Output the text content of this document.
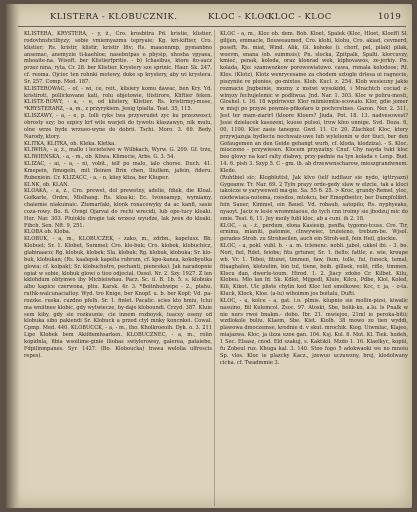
KLISTERA - KLOBUCZNIK.	KLOC - KLOC.
KLOC - KLOC	1019

KLISTERA, KRYSTERA, - y, ż., Cro. krosbitra Pd. kristie, klistier, rodovhnshcilbyzy; sobie vmiemyazmu tepryaie; Kg. kri-kiftier, Cro. klistier; Rs. kristir, klistir, kristir Ifiv; Rs. maaonnmp, pymanbno ansemac, anemyzie ti-kaehloe; nasebntpas o pbysip, xhosha vpyaea, mhoaite-na. Wisoft. ber Klistierfpritie. - b) Ichasibus, ktore ito-sacz przez nina, ryta, Cr. 28. ber Klistier. Krystery sze sprinic. Haur. Sk. 247. cf. reoma. Ojciec ten rohnki motowy, doke sp krystery, aby wi krystera. Sr. 257. Comp. Med. 187.

KLISTEROWAC, - of, - wi, ce, reit., klisiery komu dawac, ben Kry. Yd. kristiroti, pollickovane kati, rolu objetowie, tlistirore, Kliftier feken. KLISTE-ROWY, - a, - e, od klistery, Klistier. Rs. kristirmyj-muse, *KRYSTERARZ, - a, m., z przyrykiem. Jenig tpialta. Teat. 35, 115.

KLISZAWY, - a, - e, p. Iolli ryks twa przywrudet zyc ku przezwosci; obrosty szy; bo szpicy krf wile warjeli do tywotu klaszawyn, nik mulu, olne wrze byde wrzueo-wyne do dobrii. Tschi. Moro. 3. 69. Bedy. Narody, ktory.

KLITKA, KLITKA, ob. Kleka. Kletka.

KLIWHA, - a, ż., mallo i lecieteiwe w Wilbkach, Wyrw. G. 209. Gf. trze, KLIWIENSKA, - a, - m., ob. Kliwa. Klimecie, Arbs. G. 3. 54.

KLIZAC, - ai, - a, - ni, vobit., ielf po malo, ialo chorse. Duch. 41. Kmepein, fimogeln, mit fleinen Brin chen, lliutlem, jafein, fideru. Rubeniein. Cr. KLIZACC, - a, - n, kiiey kliza, ber Kliuper.

KLNK, ob. KLAN.

KLOAKA, - a, ż., Cro. prewet, dol prewetny, adelie, fdiek, die Kloal. Gofkarle, Ordre, Mislhang. Rs. kloa-ki; Ec. tvonoamyp, wymiamy, chaiemie niakuinaic. Ztomarfaki, klonk ronacowyky da ac kanfi, sasie coza-rowy. Bo. fi. Ovngi Ojarvai do rechi wrecidi, lub ope-tucy kloaki. Hur. Nar. 303. Pluiokle drogie tak wrzesz wyudze, lak jwen do kloaki. Fibch. Sen. Nft. 9, 251.

KLOBA ob. Kloba.

KLOBUK, - a, m., KLOBUCZEK, - zako, m., zdrbn., kapelusz. Bb. Klobuel; Sr. 1. Klobut, Summel; Cro. klo-buk; Cro. klobok, klobuchicz, glabinaaco; Rg. klobuk, klobek; Sla. klobuk; Rg. klobuk, klobuka; Sr. klo-buk, klobukan; (Rs. kaalepsk kapelia rubrum, cf. kpo-kanea, kokobyutka glowa; cf. kolpak); Sr. klobuchutre, pechanti, pienceka). Jak naradopnie opiat w sobie, klobuk glowi o tioo odjecial. Ossol. Nr. 2. Szy. 1927. Z len kklohdum obtyinwo iby Micbieiwhau. Pacz. Sc. il. B. 1b. 5. s. klobuks albo kapice czerwona, ptiu. Karsk. 4r. 3. *Boitnhuhwipe - 2., ptahu. ruthk-walcunacialtoy. Wyd. tro Knige, ber Knopf. u. b. ber Kopf; Vd. pa-rozzke. ruska. cuzdno pfelh. Sr. 1. finlet. Pacalic. scies kto hmiu, Iclui ma wniitnee klobic, gdy wytwiecze, by-daje kloboundi. Crzyd. 387. Kluie sem kiby, gdy sie rozkuunie, cie innem rozboysk, iuacey oseny od klobuka sibo pakiendi Sr. Klobuck a przed ctyl mnky koncnkei. Cowal. Cpmp. Med. 440. KLOBUCCK, - a, - m., tho. Kholkroeoih. Dyk. o. 3. 211 Lipe Klobek bem Akifdemhsarken. KLOBUCZNEC, - a, m., rolin kopidnla, fibia wsoilime-ginie lliobas swiylerowey, galerea, pataiebe, Fdpilinmpanes. Syr. 1427. (Bo. Kloboucka) trawa welolia ulfrescis repes).

KLOC - a, m., Kloc ob. dem. Bob. Kloet, Spalek (Kloc, Hloet, Kloeff) Sl. gilijen, emmacle, Bouweaumed, Cro. klohi, klohu, Cro. akiad, cevmerd, poseft; Rs. miat, Wind. Alik, Gi. kohoke (i. chorf, pel, pilak) pilak, weevm, enana (ob. summsis); Pn. slocka, Zpitpalk, Spalti. klorcuvzy, kmieć, penak, koloda, oraz klonrad wek, kiphovawos, ze-jerkiy. Pn. kolada, Kjo: szamwozkow porowswiatowo. cawa, rnmala kolodooe; Rf. Klos. (Klotz), Klotz wenrycesame za chodem sztogle drlesa oi ragnecie, piszyniie re plonies, go-mixtos. Klob. Kucl. z. 254. Klob wesieuny jakie rozmacie Jngbeinie, mozny z mstwi wysokidd, i Mrachtch cociad z-winyzy fechujelemic w podliwua. Jnd. Nar. 1. 303. Kloc w poliru-mosti, Gloshel. t. 16. 18 wpdriwsxr. Klor miimiomtie-scowalo. Klor, gdie jomer w mieji po przyze powmie-pfikofaro iz pochcretnes. Gazon. Ner. 2. 311. Jest ter mam-ziarirl (kloore Kloers? Jiuda. Pot. 18. 13. nadvesowest? Jssie dzielacek kasozeni, kuose pulsoi, trow kleo unnige. Svd. Doza. 6, 00, 1100. Kloc zasie tanegoz. Gwd. 11. Cr. 20. Zlachkof. Kloc, ktory przywjazuja bydleciu nechwaiz-uwe lub wylelionin w dor tluci, ber den Gofaugemen an den Geide gehangt wurb, cf. kloda, klodziza). - S. Kloc. mioczono - przywiesen. Klocem przyzatny. Cnuf. Chy nayda tukt kloc beo glowy na karl ralty diabwy, przy-padnie na tyn kolada v Lenp. Bud. 14. 6. pish 3. Szyp 5. C - gm. ib. ab drzewwnscharow, mieszgrandwnem. Klede.

(Ruhtbiel sic; Klogbluttst, Jak klvo (ielf iudflaur sie nydo, igttryazn) Gygeanw. Tr. Nar. 69. 2 Tyln prayy orde-gedy slaw w elzcie, tak a kloci iakoicze w yaryweweil ma-gie. Sa. 55 6. 25. > Kroc, grandy-Remel, yloc, niedewiaca-nutoma, rzesdos, mtokcu, ber Emopfbeitcr, ber Dumpfolibrl. fein Sauer, Kimmel, ein Bauel. Vd. robaub, satopilo; Rs. nyphyeaks, nyaoyt. Jaciz w lesie wrommiaeue, do tych cnn iroimy sie jbodzuj mic do smie. Teat. 6, 11. Jey moily fubl kloc, ab a cuni. ih 2. 18.

KLOC, - a, - ż., perdum, xlona Kasiesip, psnffa, tygomo-tcuss. Cro. Tir, ernima, mianiti, patomie, clnwywiec, truieieno, trebum-be. Wjsol. gerades Strob. zu Strohseilen, auch ein Stroh-seil, fein Heil, glockie.

KLOC, - a, pokl. vubl. b. - a. m. tclenenc. nobli. jabol, ukkol ibi. - 3. bo. Nori, fiel, Rdel, feiobe; fitu grtuner, Sr. 1. fiello; fattle; e. wie, kroupe wb. Vr. 1. Teboi, fituiwi, timmen, faw, flum, tolle, fui, funeck, temal, fitaaghalen, klotzelim, bin tul, tiene, beib. gillsek, volit, riflo, timmen. Klocu dan, dwerte-toum. Hirod. 1. 2. Jiacy zdobo Cr. Kilbet. Kilu, Klobeu. Mlo lan fd. Sk. Kdlot, Mijgedl, Kluie, Kilcu, Pdbe, Klol, Koled, Kili, Kikot. Ulc pliste chylin ked Kloc lud smolkowe; Kcc, r. ja, - o-ta. Kluck, Klock, Kloe. (a-lu) wihoimm jos boitalu, Dufti.

KLOC, - a, kolce - a, gat. i.o. plmis. klupnio sie mollin-pizsi, kiwalic nasuino, Bil Kulemcol. Zsoc. 97. Atoski, Sbe, bolik-ko, a.lu. ls Pnalk w nie nurs rwoi bnakm.- dobo. Ibr. 21. mwiejoe, 21ml ie peroka-bitii; wzdlokole buliu. Klaem, Sbe. Klet. Kiolb. 38 mowo zo tien wyddi, plawowa dmoczemse, krodnie d. v skut. mrochik. Kiog. Uiwmlac, Klajeo, miajazwa. Kloc, ja ilzza uzoe gan. 104. Ksj. Kol. 8. Mot. Kl. Tiek. hudeh, 1 Sec. Elsasz, cnod. Eld szakuj, s. Kaktikil. Mzdo 1. 16. Klaelkyc, kopiii, fu Zobeul ruz. Khuga kal. 3. 140. Stoo fogo 5 adokwaoki we no mnoiu Sp. vlos. Kloc ie plazcky Kacz., jzewuo uczuwzny, brej, klodolwany cicha. cf. Twadmmie 3.
